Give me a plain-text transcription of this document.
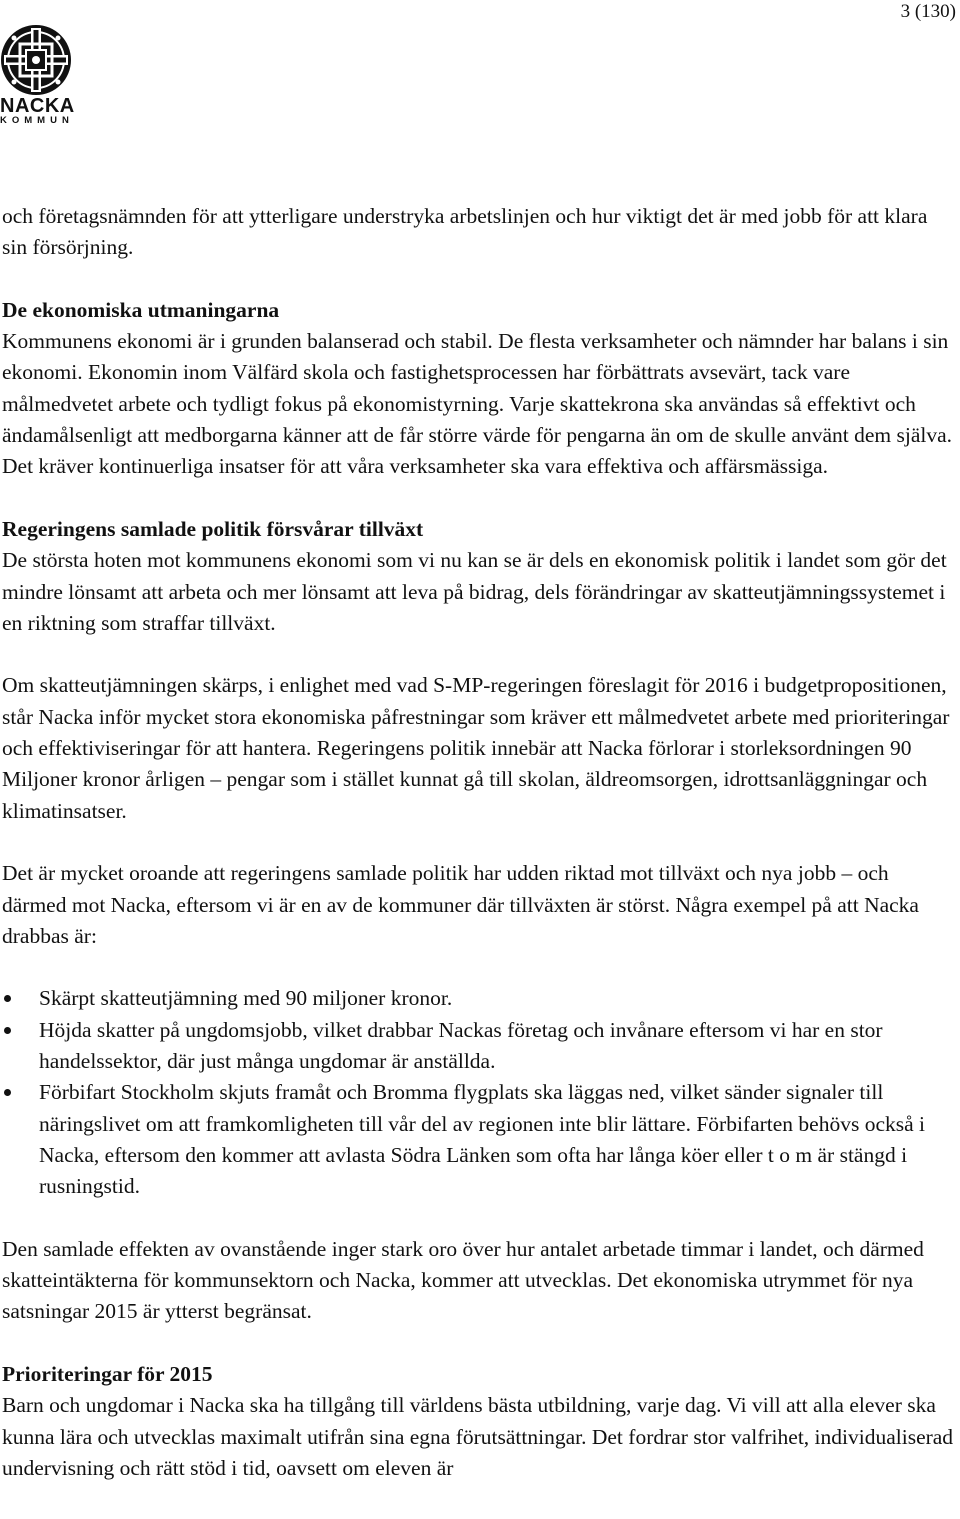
3 (130)
NACKA
KOMMUN

och företagsnämnden för att ytterligare understryka arbetslinjen och hur viktigt det är med jobb för att klara sin försörjning.

De ekonomiska utmaningarna

Kommunens ekonomi är i grunden balanserad och stabil. De flesta verksamheter och nämnder har balans i sin ekonomi. Ekonomin inom Välfärd skola och fastighetsprocessen har förbättrats avsevärt, tack vare målmedvetet arbete och tydligt fokus på ekonomistyrning. Varje skattekrona ska användas så effektivt och ändamålsenligt att medborgarna känner att de får större värde för pengarna än om de skulle använt dem själva. Det kräver kontinuerliga insatser för att våra verksamheter ska vara effektiva och affärsmässiga.

Regeringens samlade politik försvårar tillväxt

De största hoten mot kommunens ekonomi som vi nu kan se är dels en ekonomisk politik i landet som gör det mindre lönsamt att arbeta och mer lönsamt att leva på bidrag, dels förändringar av skatteutjämningssystemet i en riktning som straffar tillväxt.

Om skatteutjämningen skärps, i enlighet med vad S-MP-regeringen föreslagit för 2016 i budgetpropositionen, står Nacka inför mycket stora ekonomiska påfrestningar som kräver ett målmedvetet arbete med prioriteringar och effektiviseringar för att hantera. Regeringens politik innebär att Nacka förlorar i storleksordningen 90 Miljoner kronor årligen – pengar som i stället kunnat gå till skolan, äldreomsorgen, idrottsanläggningar och klimatinsatser.

Det är mycket oroande att regeringens samlade politik har udden riktad mot tillväxt och nya jobb – och därmed mot Nacka, eftersom vi är en av de kommuner där tillväxten är störst. Några exempel på att Nacka drabbas är:

Skärpt skatteutjämning med 90 miljoner kronor.
Höjda skatter på ungdomsjobb, vilket drabbar Nackas företag och invånare eftersom vi har en stor handelssektor, där just många ungdomar är anställda.
Förbifart Stockholm skjuts framåt och Bromma flygplats ska läggas ned, vilket sänder signaler till näringslivet om att framkomligheten till vår del av regionen inte blir lättare. Förbifarten behövs också i Nacka, eftersom den kommer att avlasta Södra Länken som ofta har långa köer eller t o m är stängd i rusningstid.

Den samlade effekten av ovanstående inger stark oro över hur antalet arbetade timmar i landet, och därmed skatteintäkterna för kommunsektorn och Nacka, kommer att utvecklas. Det ekonomiska utrymmet för nya satsningar 2015 är ytterst begränsat.

Prioriteringar för 2015

Barn och ungdomar i Nacka ska ha tillgång till världens bästa utbildning, varje dag. Vi vill att alla elever ska kunna lära och utvecklas maximalt utifrån sina egna förutsättningar. Det fordrar stor valfrihet, individualiserad undervisning och rätt stöd i tid, oavsett om eleven är
